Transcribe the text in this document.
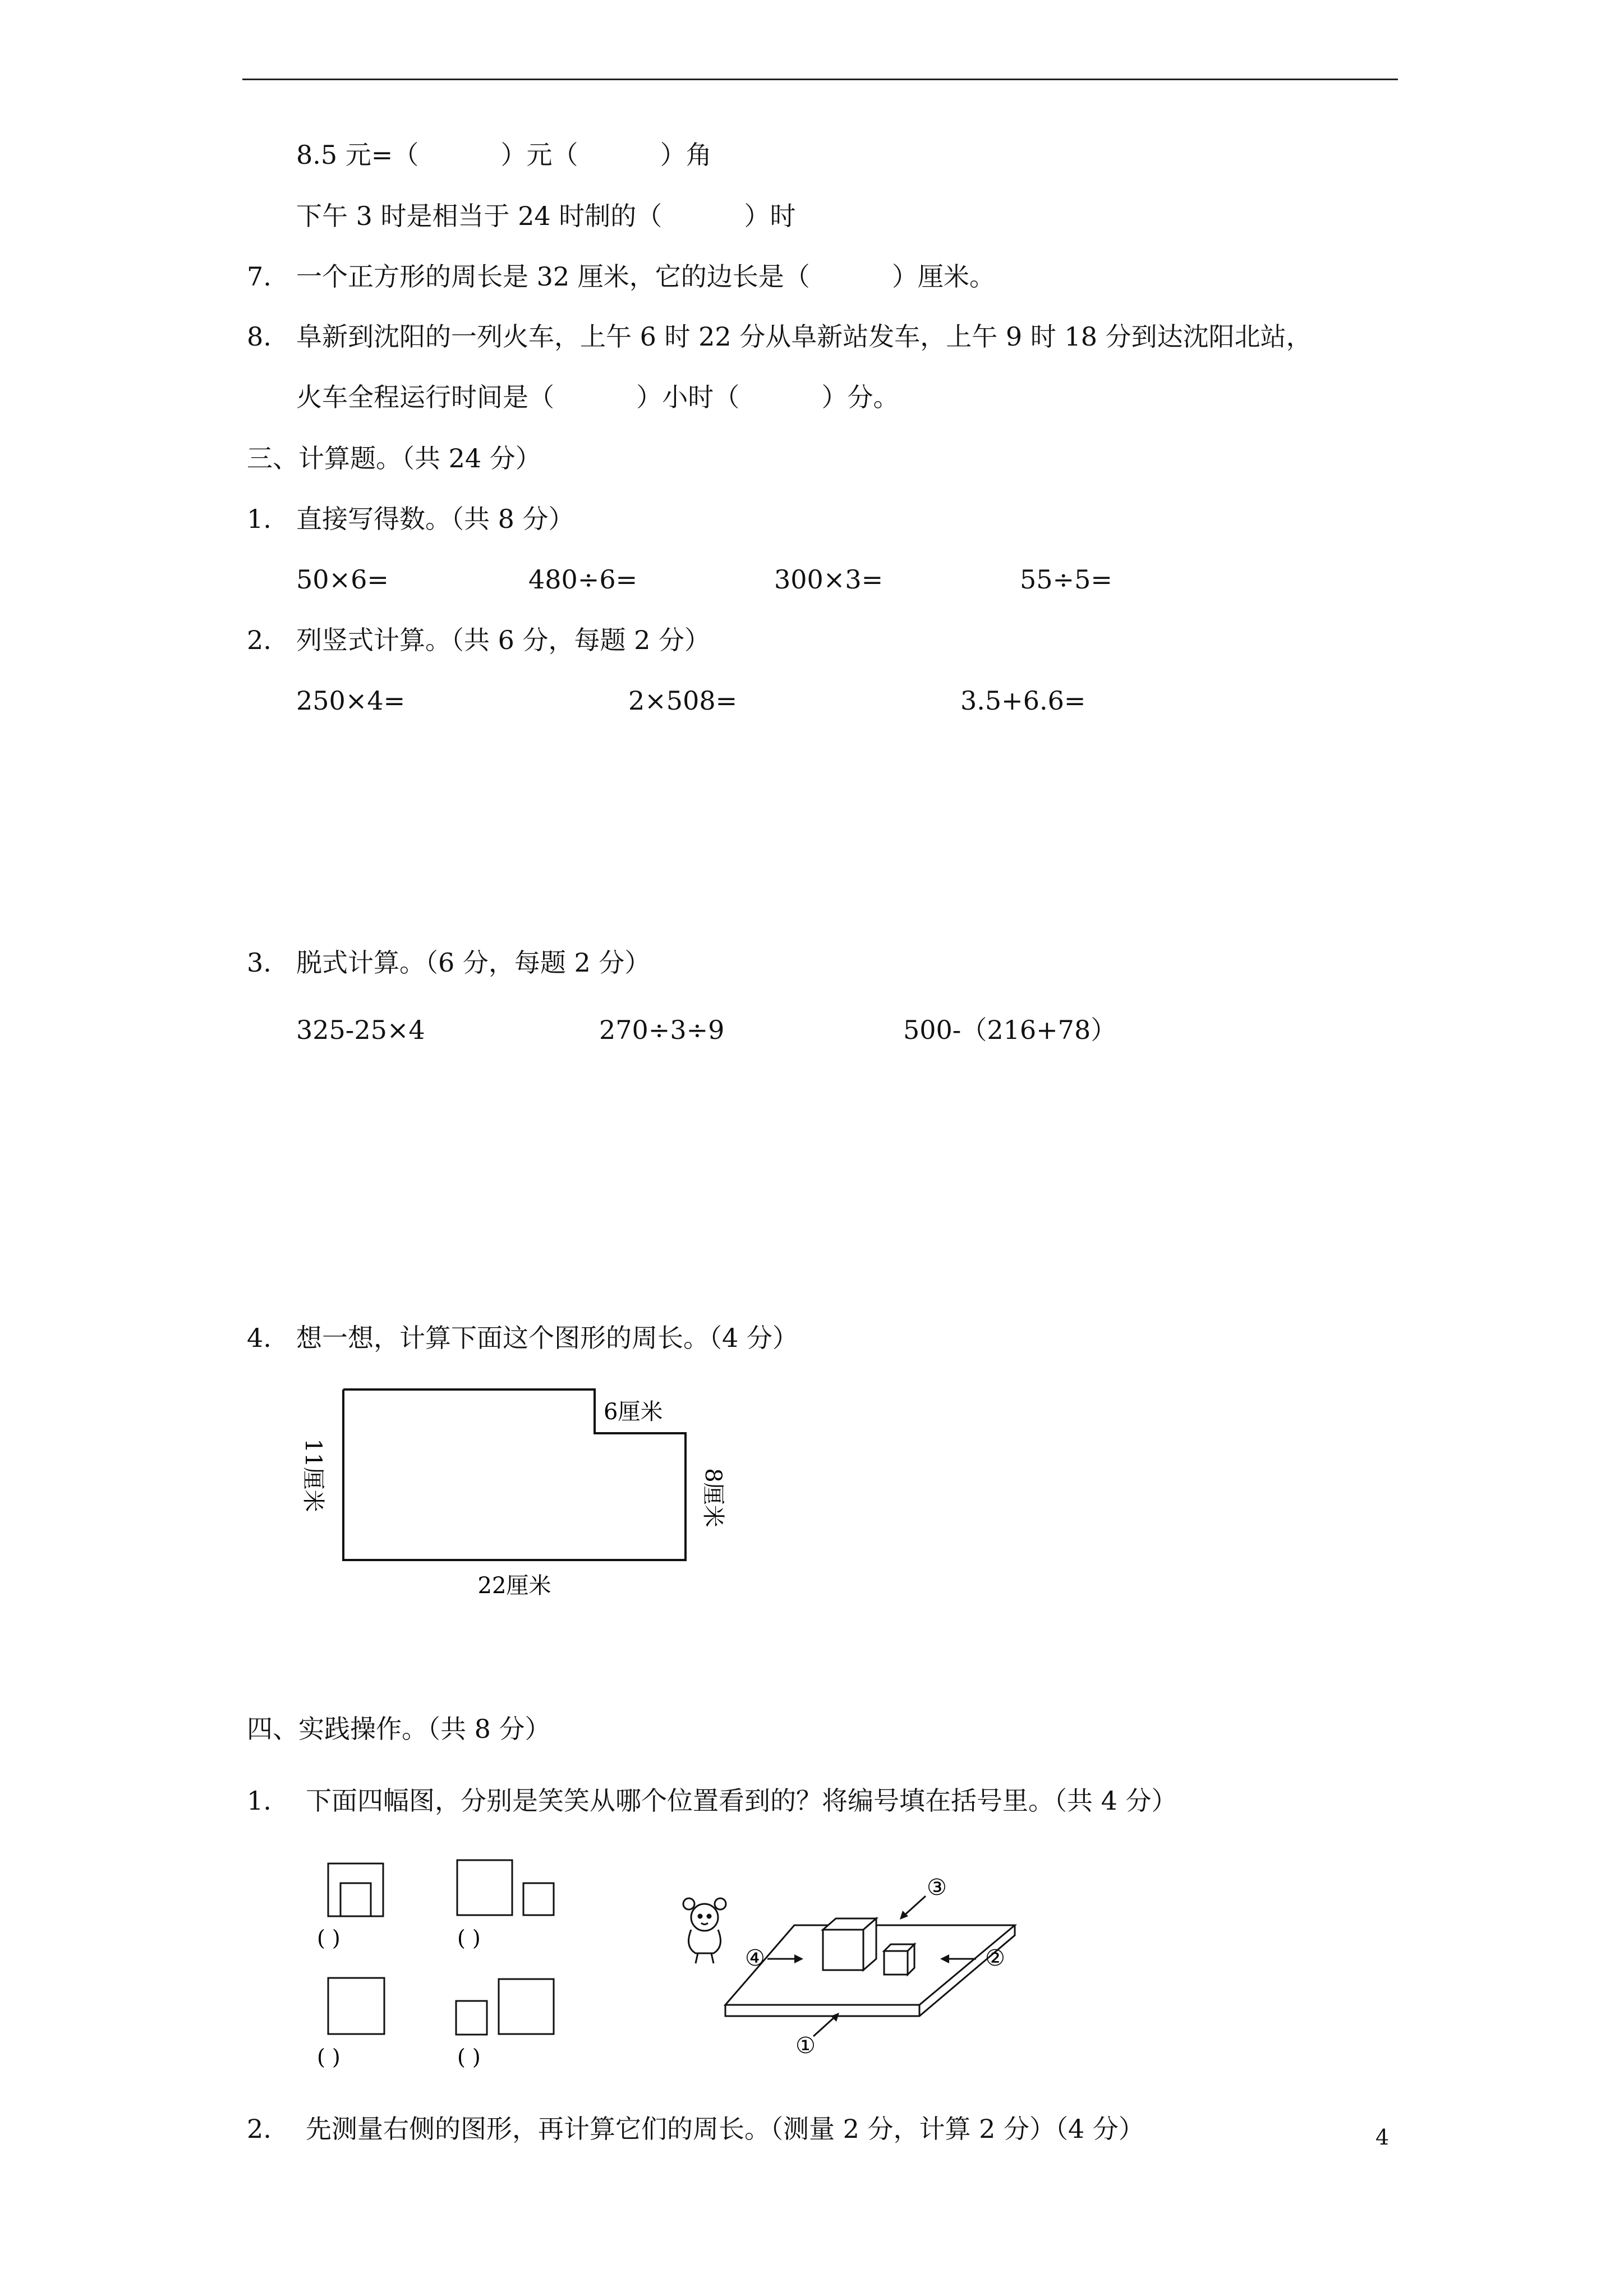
8.5 元=（          ）元（          ）角
下午 3 时是相当于 24 时制的（          ）时
7. 一个正方形的周长是 32 厘米，它的边长是（          ）厘米。
8. 阜新到沈阳的一列火车，上午 6 时 22 分从阜新站发车，上午 9 时 18 分到达沈阳北站，
火车全程运行时间是（          ）小时（          ）分。
三、计算题。（共 24 分）
1. 直接写得数。（共 8 分）
50×6=	480÷6=	300×3=	55÷5=
2. 列竖式计算。（共 6 分，每题 2 分）
250×4=	2×508=	3.5+6.6=
3. 脱式计算。（6 分，每题 2 分）
325-25×4	270÷3÷9	500-（216+78）
4. 想一想，计算下面这个图形的周长。（4 分）
6厘米
11厘米	8厘米
22厘米
四、实践操作。（共 8 分）
1. 下面四幅图，分别是笑笑从哪个位置看到的？将编号填在括号里。（共 4 分）
( )	( )
( )	( )
④	②
③
①
2. 先测量右侧的图形，再计算它们的周长。（测量 2 分，计算 2 分）（4 分）	4
